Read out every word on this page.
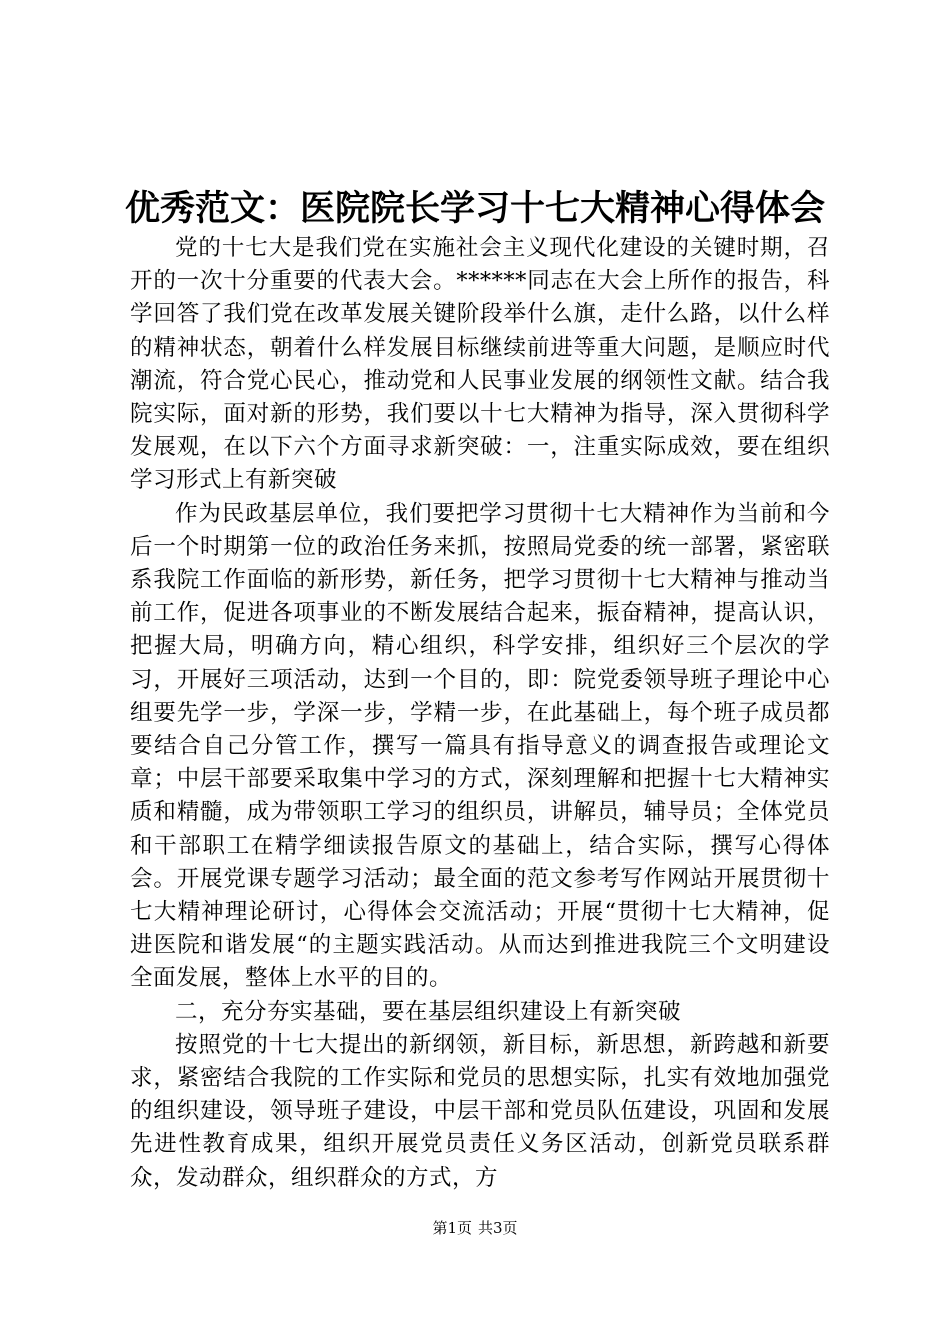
优秀范文：医院院长学习十七大精神心得体会

党的十七大是我们党在实施社会主义现代化建设的关键时期，召开的一次十分重要的代表大会。******同志在大会上所作的报告，科学回答了我们党在改革发展关键阶段举什么旗，走什么路，以什么样的精神状态，朝着什么样发展目标继续前进等重大问题，是顺应时代潮流，符合党心民心，推动党和人民事业发展的纲领性文献。结合我院实际，面对新的形势，我们要以十七大精神为指导，深入贯彻科学发展观，在以下六个方面寻求新突破：一，注重实际成效，要在组织学习形式上有新突破

作为民政基层单位，我们要把学习贯彻十七大精神作为当前和今后一个时期第一位的政治任务来抓，按照局党委的统一部署，紧密联系我院工作面临的新形势，新任务，把学习贯彻十七大精神与推动当前工作，促进各项事业的不断发展结合起来，振奋精神，提高认识，把握大局，明确方向，精心组织，科学安排，组织好三个层次的学习，开展好三项活动，达到一个目的，即：院党委领导班子理论中心组要先学一步，学深一步，学精一步，在此基础上，每个班子成员都要结合自己分管工作，撰写一篇具有指导意义的调查报告或理论文章；中层干部要采取集中学习的方式，深刻理解和把握十七大精神实质和精髓，成为带领职工学习的组织员，讲解员，辅导员；全体党员和干部职工在精学细读报告原文的基础上，结合实际，撰写心得体会。开展党课专题学习活动；最全面的范文参考写作网站开展贯彻十七大精神理论研讨，心得体会交流活动；开展“贯彻十七大精神，促进医院和谐发展“的主题实践活动。从而达到推进我院三个文明建设全面发展，整体上水平的目的。

二，充分夯实基础，要在基层组织建设上有新突破

按照党的十七大提出的新纲领，新目标，新思想，新跨越和新要求，紧密结合我院的工作实际和党员的思想实际，扎实有效地加强党的组织建设，领导班子建设，中层干部和党员队伍建设，巩固和发展先进性教育成果，组织开展党员责任义务区活动，创新党员联系群众，发动群众，组织群众的方式，方

第1页 共3页
